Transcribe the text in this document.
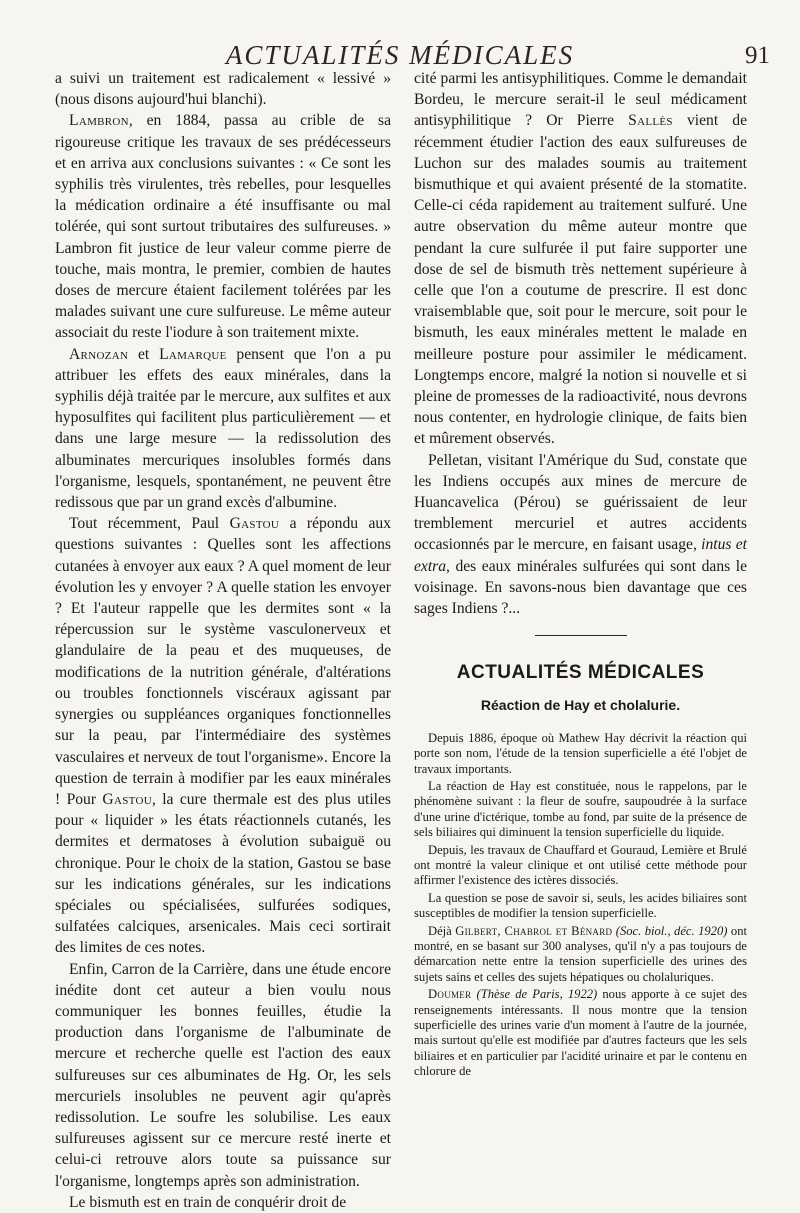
ACTUALITÉS MÉDICALES	91

a suivi un traitement est radicalement « lessivé » (nous disons aujourd'hui blanchi).

Lambron, en 1884, passa au crible de sa rigoureuse critique les travaux de ses prédécesseurs et en arriva aux conclusions suivantes : « Ce sont les syphilis très virulentes, très rebelles, pour lesquelles la médication ordinaire a été insuffisante ou mal tolérée, qui sont surtout tributaires des sulfureuses. » Lambron fit justice de leur valeur comme pierre de touche, mais montra, le premier, combien de hautes doses de mercure étaient facilement tolérées par les malades suivant une cure sulfureuse. Le même auteur associait du reste l'iodure à son traitement mixte.

Arnozan et Lamarque pensent que l'on a pu attribuer les effets des eaux minérales, dans la syphilis déjà traitée par le mercure, aux sulfites et aux hyposulfites qui facilitent plus particulièrement — et dans une large mesure — la redissolution des albuminates mercuriques insolubles formés dans l'organisme, lesquels, spontanément, ne peuvent être redissous que par un grand excès d'albumine.

Tout récemment, Paul Gastou a répondu aux questions suivantes : Quelles sont les affections cutanées à envoyer aux eaux ? A quel moment de leur évolution les y envoyer ? A quelle station les envoyer ? Et l'auteur rappelle que les dermites sont « la répercussion sur le système vasculonerveux et glandulaire de la peau et des muqueuses, de modifications de la nutrition générale, d'altérations ou troubles fonctionnels viscéraux agissant par synergies ou suppléances organiques fonctionnelles sur la peau, par l'intermédiaire des systèmes vasculaires et nerveux de tout l'organisme». Encore la question de terrain à modifier par les eaux minérales ! Pour Gastou, la cure thermale est des plus utiles pour « liquider » les états réactionnels cutanés, les dermites et dermatoses à évolution subaiguë ou chronique. Pour le choix de la station, Gastou se base sur les indications générales, sur les indications spéciales ou spécialisées, sulfurées sodiques, sulfatées calciques, arsenicales. Mais ceci sortirait des limites de ces notes.

Enfin, Carron de la Carrière, dans une étude encore inédite dont cet auteur a bien voulu nous communiquer les bonnes feuilles, étudie la production dans l'organisme de l'albuminate de mercure et recherche quelle est l'action des eaux sulfureuses sur ces albuminates de Hg. Or, les sels mercuriels insolubles ne peuvent agir qu'après redissolution. Le soufre les solubilise. Les eaux sulfureuses agissent sur ce mercure resté inerte et celui-ci retrouve alors toute sa puissance sur l'organisme, longtemps après son administration.

Le bismuth est en train de conquérir droit de

cité parmi les antisyphilitiques. Comme le demandait Bordeu, le mercure serait-il le seul médicament antisyphilitique ? Or Pierre Sallès vient de récemment étudier l'action des eaux sulfureuses de Luchon sur des malades soumis au traitement bismuthique et qui avaient présenté de la stomatite. Celle-ci céda rapidement au traitement sulfuré. Une autre observation du même auteur montre que pendant la cure sulfurée il put faire supporter une dose de sel de bismuth très nettement supérieure à celle que l'on a coutume de prescrire. Il est donc vraisemblable que, soit pour le mercure, soit pour le bismuth, les eaux minérales mettent le malade en meilleure posture pour assimiler le médicament. Longtemps encore, malgré la notion si nouvelle et si pleine de promesses de la radioactivité, nous devrons nous contenter, en hydrologie clinique, de faits bien et mûrement observés.

Pelletan, visitant l'Amérique du Sud, constate que les Indiens occupés aux mines de mercure de Huancavelica (Pérou) se guérissaient de leur tremblement mercuriel et autres accidents occasionnés par le mercure, en faisant usage, intus et extra, des eaux minérales sulfurées qui sont dans le voisinage. En savons-nous bien davantage que ces sages Indiens ?...

ACTUALITÉS MÉDICALES
Réaction de Hay et cholalurie.

Depuis 1886, époque où Mathew Hay décrivit la réaction qui porte son nom, l'étude de la tension superficielle a été l'objet de travaux importants.

La réaction de Hay est constituée, nous le rappelons, par le phénomène suivant : la fleur de soufre, saupoudrée à la surface d'une urine d'ictérique, tombe au fond, par suite de la présence de sels biliaires qui diminuent la tension superficielle du liquide.

Depuis, les travaux de Chauffard et Gouraud, Lemière et Brulé ont montré la valeur clinique et ont utilisé cette méthode pour affirmer l'existence des ictères dissociés.

La question se pose de savoir si, seuls, les acides biliaires sont susceptibles de modifier la tension superficielle.

Déjà Gilbert, Chabrol et Bénard (Soc. biol., déc. 1920) ont montré, en se basant sur 300 analyses, qu'il n'y a pas toujours de démarcation nette entre la tension superficielle des urines des sujets sains et celles des sujets hépatiques ou cholaluriques.

Doumer (Thèse de Paris, 1922) nous apporte à ce sujet des renseignements intéressants. Il nous montre que la tension superficielle des urines varie d'un moment à l'autre de la journée, mais surtout qu'elle est modifiée par d'autres facteurs que les sels biliaires et en particulier par l'acidité urinaire et par le contenu en chlorure de
